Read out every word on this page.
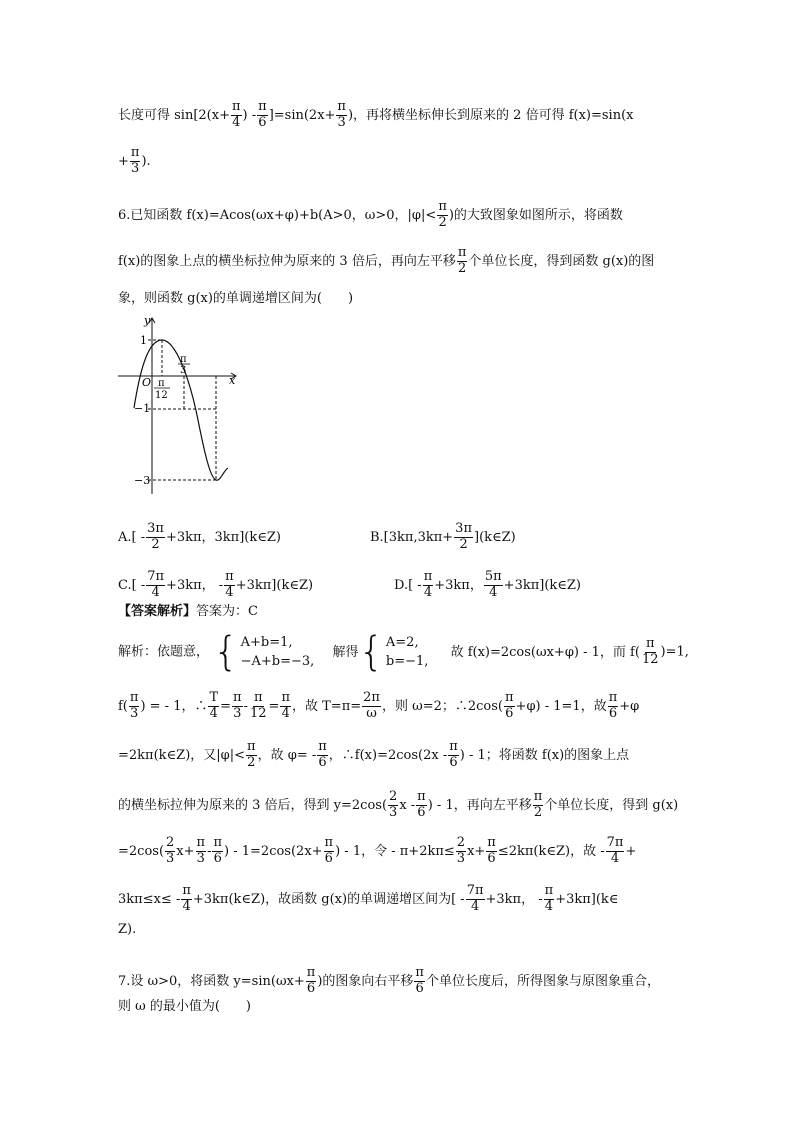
长度可得 $\sin[2(x+ \frac{\pi}{4}$ ) - $\frac{\pi}{6} ]=\sin(2x+ \frac{\pi}{3}$ )，再将横坐标伸长到原来的 2 倍可得 f(x)=sin(x
+ $\frac{\pi}{3}$ ).
6.已知函数 f(x)=Acos(ωx+φ)+b(A>0，ω>0，$|\varphi|< \frac{\pi}{2}$ )的大致图象如图所示，将函数
f(x)的图象上点的横坐标拉伸为原来的 3 倍后，再向左平移 $\frac{\pi}{2}$ 个单位长度，得到函数 g(x)的图
象，则函数 g(x)的单调递增区间为(　　)
y
x
O
1
−1
−3
π
12
π
3
$A.[ - \frac{3\pi}{2} +3k\pi$，3kπ](k∈Z)	$B.[3k\pi,3k\pi+ \frac{3\pi}{2}$ ](k∈Z)
$C.[ - \frac{7\pi}{4} +3k\pi$， - $\frac{\pi}{4}$ +3kπ](k∈Z)	$D.[ - \frac{\pi}{4} +3k\pi$， $\frac{5\pi}{4}$ +3kπ](k∈Z)
【答案解析】答案为：C
解析：依题意， { A+b=1,
−A+b=−3,
解得 { A=2,
b=−1,
故 f(x)=2cos(ωx+φ) - 1，而 $f( \frac{\pi}{12} )=1$,
$f( \frac{\pi}{3}$ ) = - 1，∴ $\frac{T}{4} = \frac{\pi}{3} - \frac{\pi}{12} = \frac{\pi}{4}$ ，故 $T=\pi= \frac{2\pi}{\omega}$ ，则 ω=2；∴2cos( $\frac{\pi}{6} +\varphi) - 1=1$，故 $\frac{\pi}{6} +\varphi$
=2kπ(k∈Z)，又$|\varphi|< \frac{\pi}{2}$ ，故 $\varphi= - \frac{\pi}{6}$ ，∴f(x)=2cos(2x - $\frac{\pi}{6}$ ) - 1；将函数 f(x)的图象上点
的横坐标拉伸为原来的 3 倍后，得到 $y=2\cos( \frac{2}{3}$ x - $\frac{\pi}{6}$ ) - 1，再向左平移 $\frac{\pi}{2}$ 个单位长度，得到 g(x)
$=2\cos( \frac{2}{3} x+ \frac{\pi}{3} - \frac{\pi}{6}$ ) - $1=2\cos(2x+ \frac{\pi}{6}$ ) - 1，令 - $\pi+2k\pi\le \frac{2}{3} x+ \frac{\pi}{6}$ ≤2kπ(k∈Z)，故 - $\frac{7\pi}{4}$ +
$3k\pi\le x\le - \frac{\pi}{4}$ +3kπ(k∈Z)，故函数 g(x)的单调递增区间为[ - $\frac{7\pi}{4} +3k\pi$， - $\frac{\pi}{4}$ +3kπ](k∈
Z).
7.设 ω>0，将函数 $y=\sin(\omega x+ \frac{\pi}{6}$ )的图象向右平移 $\frac{\pi}{6}$ 个单位长度后，所得图象与原图象重合，
则 ω 的最小值为(　　)
